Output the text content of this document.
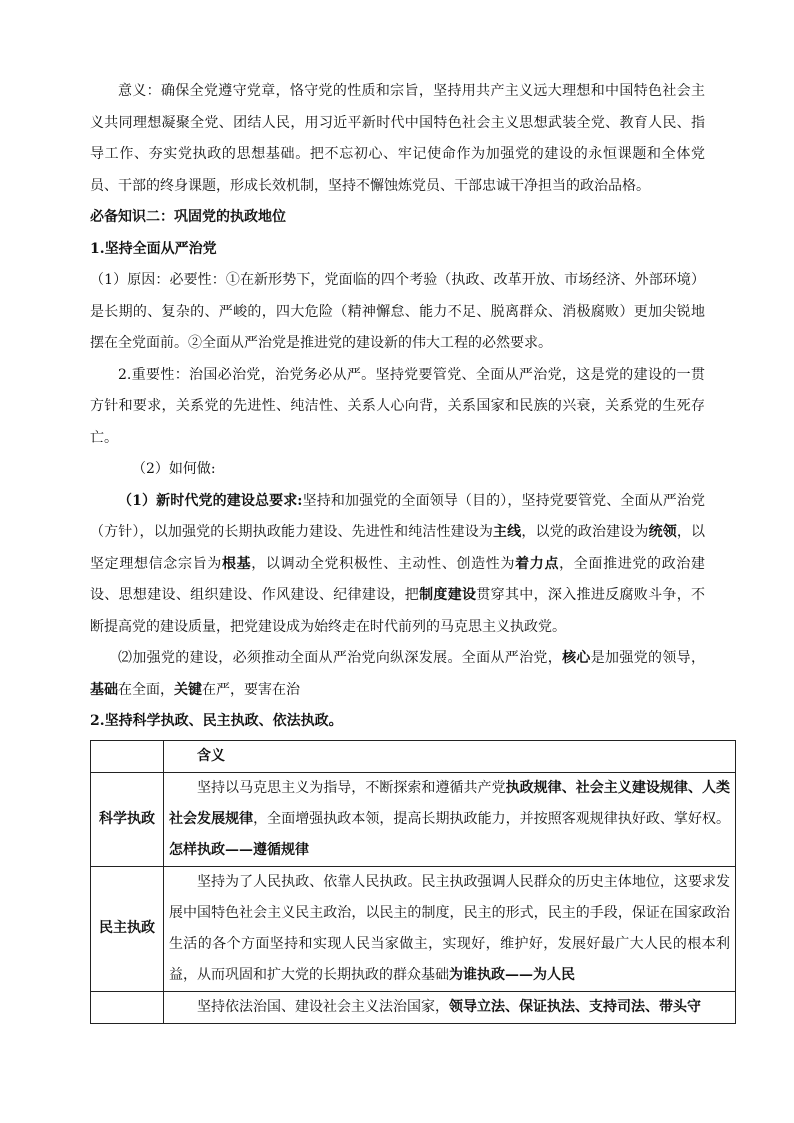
意义：确保全党遵守党章，恪守党的性质和宗旨，坚持用共产主义远大理想和中国特色社会主义共同理想凝聚全党、团结人民，用习近平新时代中国特色社会主义思想武装全党、教育人民、指导工作、夯实党执政的思想基础。把不忘初心、牢记使命作为加强党的建设的永恒课题和全体党员、干部的终身课题，形成长效机制，坚持不懈蚀炼党员、干部忠诚干净担当的政治品格。

必备知识二：巩固党的执政地位

1.坚持全面从严治党

（1）原因：必要性：①在新形势下，党面临的四个考验（执政、改革开放、市场经济、外部环境）是长期的、复杂的、严峻的，四大危险（精神懈怠、能力不足、脱离群众、消极腐败）更加尖锐地摆在全党面前。②全面从严治党是推进党的建设新的伟大工程的必然要求。

2.重要性：治国必治党，治党务必从严。坚持党要管党、全面从严治党，这是党的建设的一贯方针和要求，关系党的先进性、纯洁性、关系人心向背，关系国家和民族的兴衰，关系党的生死存亡。

（2）如何做:

（1）新时代党的建设总要求:坚持和加强党的全面领导（目的），坚持党要管党、全面从严治党（方针），以加强党的长期执政能力建设、先进性和纯洁性建设为主线，以党的政治建设为统领，以坚定理想信念宗旨为根基，以调动全党积极性、主动性、创造性为着力点，全面推进党的政治建设、思想建设、组织建设、作风建设、纪律建设，把制度建设贯穿其中，深入推进反腐败斗争，不断提高党的建设质量，把党建设成为始终走在时代前列的马克思主义执政党。

⑵加强党的建设，必须推动全面从严治党向纵深发展。全面从严治党，核心是加强党的领导，基础在全面，关键在严，要害在治

2.坚持科学执政、民主执政、依法执政。

	含义
科学执政	坚持以马克思主义为指导，不断探索和遵循共产党执政规律、社会主义建设规律、人类社会发展规律，全面增强执政本领，提高长期执政能力，并按照客观规律执好政、掌好权。怎样执政——遵循规律
民主执政	坚持为了人民执政、依靠人民执政。民主执政强调人民群众的历史主体地位，这要求发展中国特色社会主义民主政治，以民主的制度，民主的形式，民主的手段，保证在国家政治生活的各个方面坚持和实现人民当家做主，实现好，维护好，发展好最广大人民的根本利益，从而巩固和扩大党的长期执政的群众基础为谁执政——为人民
	坚持依法治国、建设社会主义法治国家，领导立法、保证执法、支持司法、带头守
